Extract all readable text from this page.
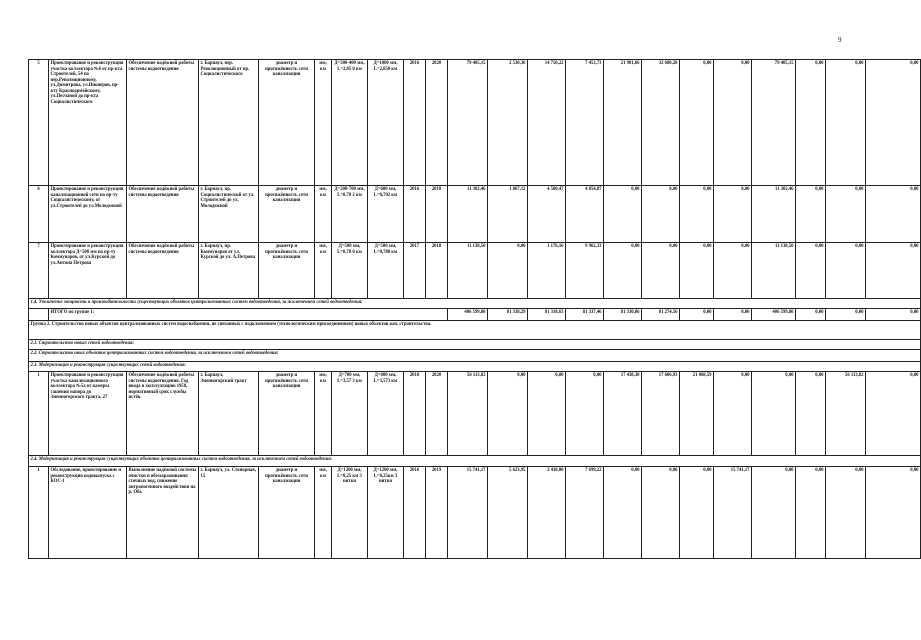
9
5	Проектирование и реконструкция участка коллектора №6 от пр-кта Строителей, 54 по пер.Революционному, ул.Димитрова, ул.Пионеров, пр-кту Красноармейскому, ул.Песчаной до пр-кта Социалистического	Обеспечение надёжной работы системы водоотведения	г. Барнаул, пер. Революционный от пр. Социалистического	диаметр и протяжённость сети канализации	мм, км	Д=300-400 мм, L=2,85 0 км	Д=1000 мм, L=2,850 км	2016	2020	79 405,15	2 530,36	14 750,22	7 453,73	21 981,66	32 680,28	0,00	0,00	79 405,15	0,00	0,00	0,00
6	Проектирование и реконструкция канализационной сети по пр-ту Социалистическому, от ул.Строителей до ул.Молодежной	Обеспечение надёжной работы системы водоотведения	г. Барнаул, пр. Социалистический от ул. Строителей до ул. Молодежной	диаметр и протяжённость сети канализации	мм, км	Д=200-700 мм, L=0,70 2 км	Д=600 мм, L=0,702 км	2016	2018	11 302,46	1 867,12	4 580,47	4 854,87	0,00	0,00	0,00	0,00	11 302,46	0,00	0,00	0,00
7	Проектирование и реконструкция коллектора Д=500 мм по пр-ту Коммунаров, от ул.Курской до ул.Антона Петрова	Обеспечение надёжной работы системы водоотведения	г. Барнаул, пр. Коммунаров от ул. Курской до ул. А.Петрова	диаметр и протяжённость сети канализации	мм, км	Д=500 мм, L=0,78 0 км	Д=500 мм, L=0,780 км	2017	2018	11 138,50	0,00	1 176,16	9 962,33	0,00	0,00	0,00	0,00	11 138,50	0,00	0,00	0,00
1.4. Увеличение мощности и производительности существующих объектов централизованных систем водоотведения, за исключением сетей водоотведения:																					
	ИТОГО по группе 1:									406 599,80	81 338,29	81 318,63	81 337,46	81 330,86	81 274,56	0,00	0,00	406 599,80	0,00	0,00	0,00
Группа 2. Строительство новых объектов централизованных систем водоснабжения, не связанных с подключением (технологическим присоединением) новых объектов кап. строительства.																					
2.1. Строительство новых сетей водоотведения:																					
2.2. Строительство иных объектов централизованных систем водоотведения, за исключением сетей водоотведения:																					
2.3. Модернизация и реконструкция существующих сетей водоотведения:																					
1	Проектирование и реконструкция участка канализационного коллектора №5а от камеры гашения напора до Змеиногорского тракта, 27	Обеспечение надёжной работы системы водоотведения. Год ввода в эксплуатацию 1958, нормативный срок службы истёк.	г. Барнаул, Змеиногорский тракт	диаметр и протяжённость сети канализации	мм, км	Д=700 мм, L=3,57 3 км	Д=800 мм, L=3,573 км	2018	2020	56 113,82	0,00	0,00	0,00	17 438,30	17 606,93	21 068,59	0,00	0,00	0,00	56 113,82	0,00
2.4. Модернизация и реконструкция существующих объектов централизованных систем водоотведения, за исключением сетей водоотведения:																					
1	Обследование, проектирование и реконструкция водовыпуска с КОС-1	Выполнение надёжной системы очистки и обеззараживания сточных вод, снижение антропогенного воздействия на р. Обь	г. Барнаул, ул. Стопорная, 15	диаметр и протяжённость сети канализации	мм, км	Д=1200 мм, L=0,25 км 3 нитки	Д=1200 мм, L=0,25км 3 нитки	2016	2019	15 741,17	5 623,95	2 418,00	7 699,22	0,00	0,00	0,00	15 741,17	0,00	0,00	0,00	0,00
